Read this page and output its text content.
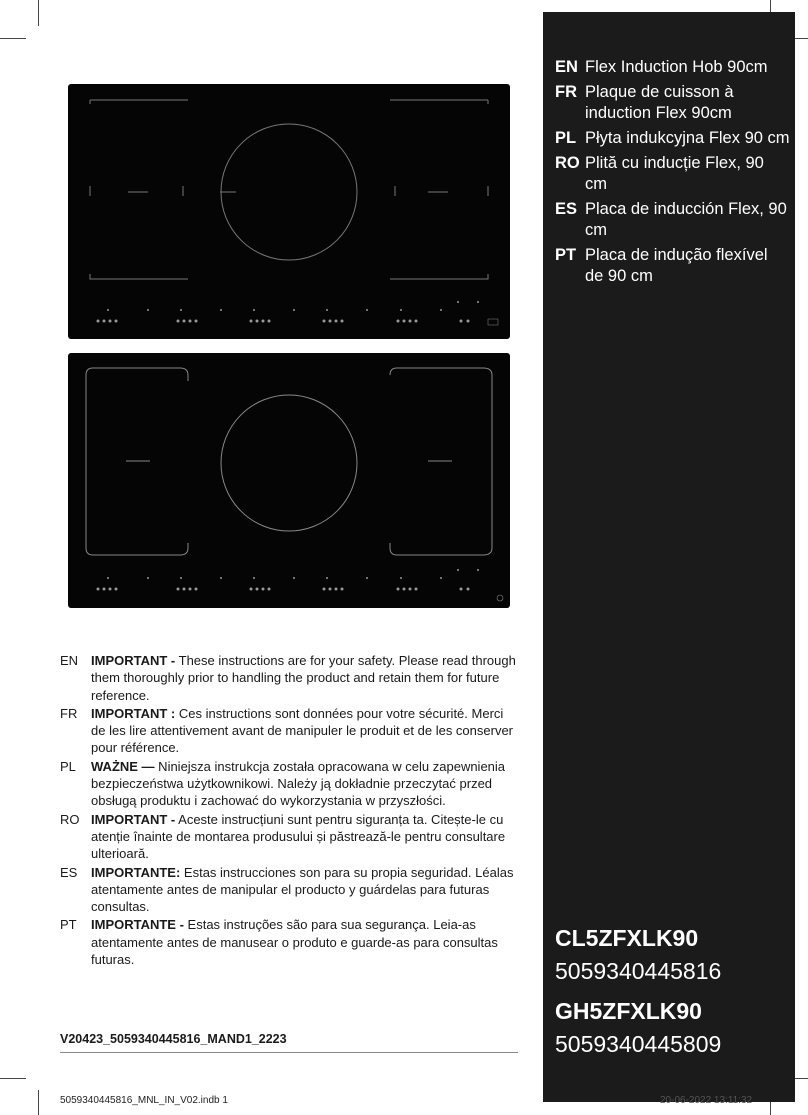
EN IMPORTANT - These instructions are for your safety. Please read through them thoroughly prior to handling the product and retain them for future reference.
FR	IMPORTANT : Ces instructions sont données pour votre sécurité. Merci de les lire attentivement avant de manipuler le produit et de les conserver pour référence.
PL	WAŻNE — Niniejsza instrukcja została opracowana w celu zapewnienia bezpieczeństwa użytkownikowi. Należy ją dokładnie przeczytać przed obsługą produktu i zachować do wykorzystania w przyszłości.
RO IMPORTANT - Aceste instrucțiuni sunt pentru siguranța ta. Citește-le cu atenție înainte de montarea produsului și păstrează-le pentru consultare ulterioară.
ES	IMPORTANTE: Estas instrucciones son para su propia seguridad. Léalas atentamente antes de manipular el producto y guárdelas para futuras consultas.
PT	IMPORTANTE - Estas instruções são para sua segurança. Leia-as atentamente antes de manusear o produto e guarde-as para consultas futuras.
V20423_5059340445816_MAND1_2223
EN Flex Induction Hob 90cm
FR Plaque de cuisson à induction Flex 90cm
PL Płyta indukcyjna Flex 90 cm
RO Plită cu inducție Flex, 90 cm
ES Placa de inducción Flex, 90 cm
PT Placa de indução flexível de 90 cm
CL5ZFXLK90
5059340445816
GH5ZFXLK90
5059340445809
5059340445816_MNL_IN_V02.indb 1	20-06-2022 13:11:32
